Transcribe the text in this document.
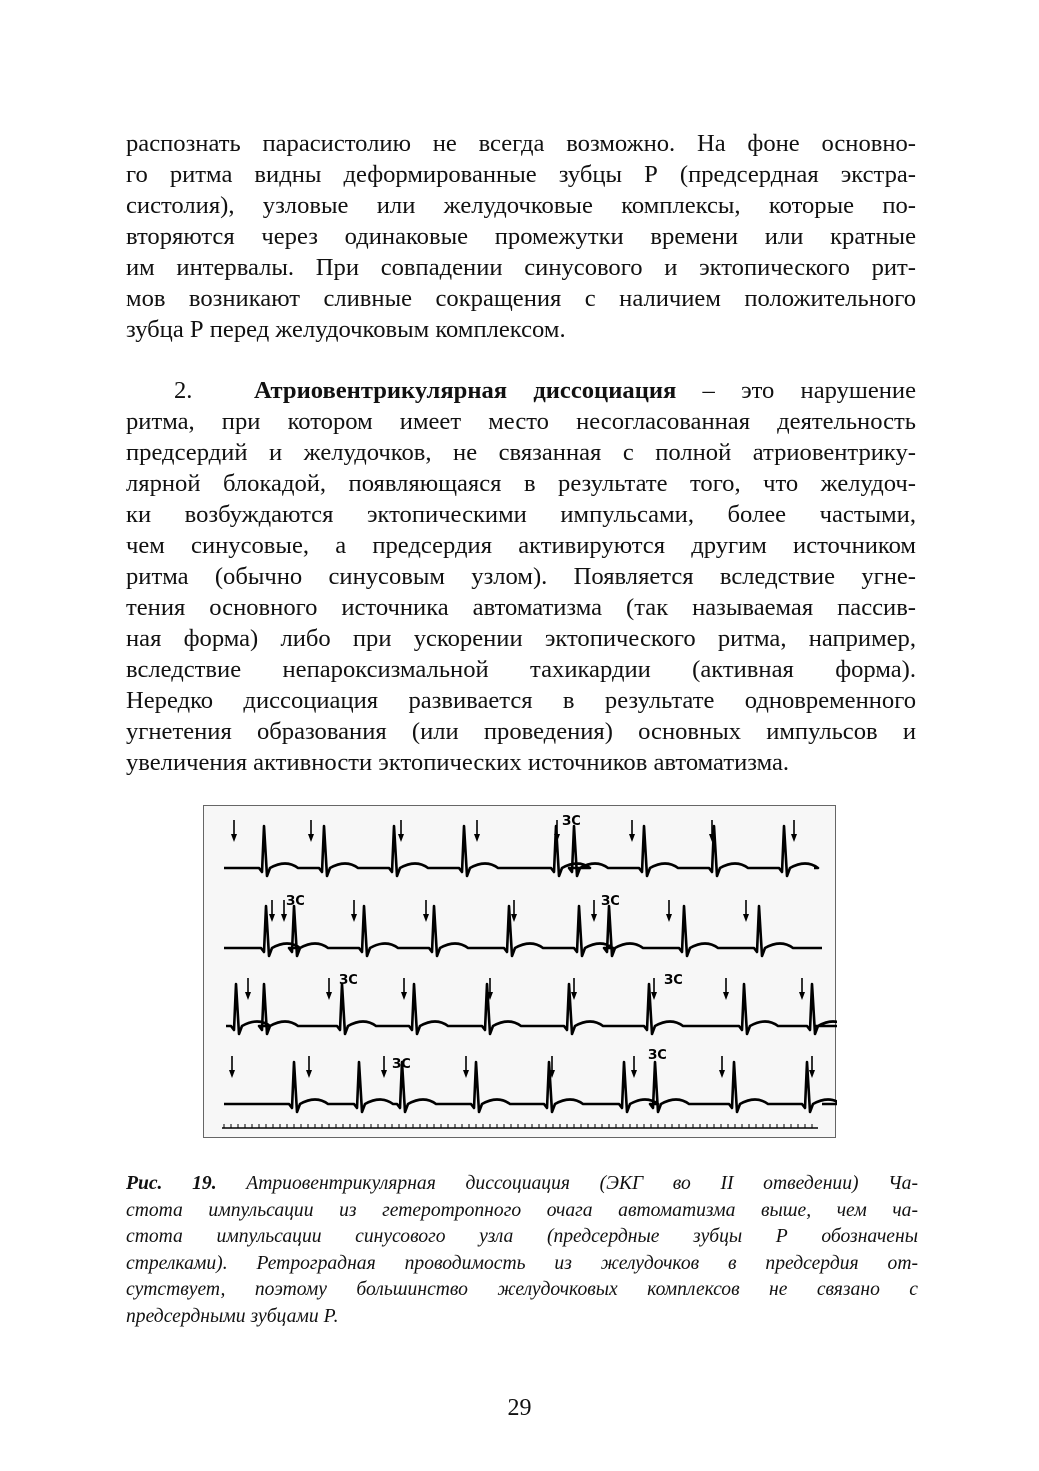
распознать парасистолию не всегда возможно. На фоне основно-
го ритма видны деформированные зубцы Р (предсердная экстра-
систолия), узловые или желудочковые комплексы, которые по-
вторяются через одинаковые промежутки времени или кратные
им интервалы. При совпадении синусового и эктопического рит-
мов возникают сливные сокращения с наличием положительного
зубца Р перед желудочковым комплексом.
2.	Атриовентрикулярная диссоциация – это нарушение
ритма, при котором имеет место несогласованная деятельность
предсердий и желудочков, не связанная с полной атриовентрику-
лярной блокадой, появляющаяся в результате того, что желудоч-
ки возбуждаются эктопическими импульсами, более частыми,
чем синусовые, а предсердия активируются другим источником
ритма (обычно синусовым узлом). Появляется вследствие угне-
тения основного источника автоматизма (так называемая пассив-
ная форма) либо при ускорении эктопического ритма, например,
вследствие непароксизмальной тахикардии (активная форма).
Нередко диссоциация развивается в результате одновременного
угнетения образования (или проведения) основных импульсов и
увеличения активности эктопических источников автоматизма.
ЗС
ЗС	ЗС
ЗС	ЗС
ЗС
ЗС
Рис. 19. Атриовентрикулярная диссоциация (ЭКГ во II отведении) Ча-
стота импульсации из гетеротропного очага автоматизма выше, чем ча-
стота импульсации синусового узла (предсердные зубцы Р обозначены
стрелками). Ретроградная проводимость из желудочков в предсердия от-
сутствует, поэтому большинство желудочковых комплексов не связано с
предсердными зубцами Р.
29
